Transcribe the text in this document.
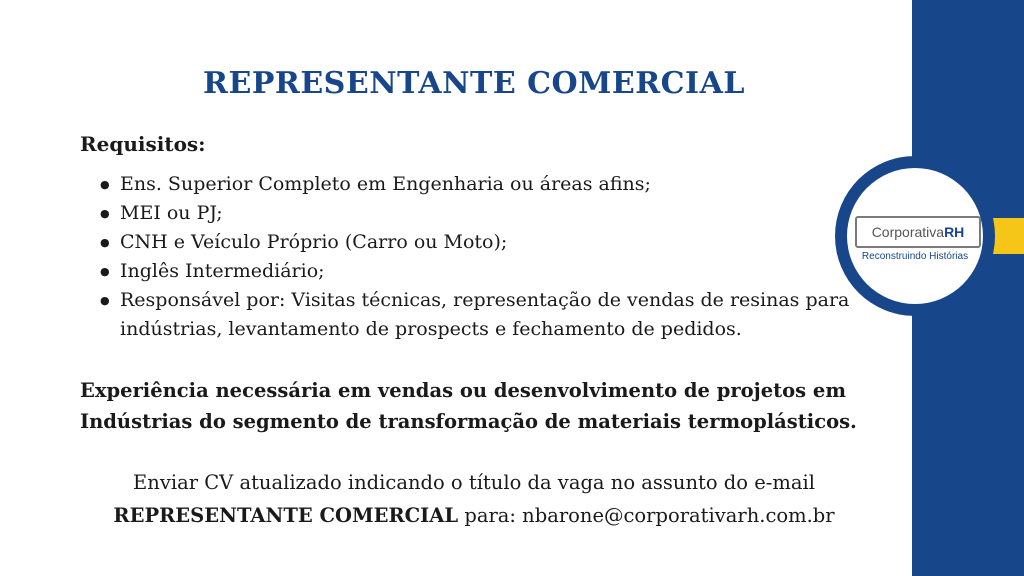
Corporativa RH
Reconstruindo Histórias
REPRESENTANTE COMERCIAL
Requisitos:
● Ens. Superior Completo em Engenharia ou áreas afins;
● MEI ou PJ;
● CNH e Veículo Próprio (Carro ou Moto);
● Inglês Intermediário;
● Responsável por: Visitas técnicas, representação de vendas de resinas para indústrias, levantamento de prospects e fechamento de pedidos.

Experiência necessária em vendas ou desenvolvimento de projetos em Indústrias do segmento de transformação de materiais termoplásticos.

Enviar CV atualizado indicando o título da vaga no assunto do e-mail
REPRESENTANTE COMERCIAL para: nbarone@corporativarh.com.br
